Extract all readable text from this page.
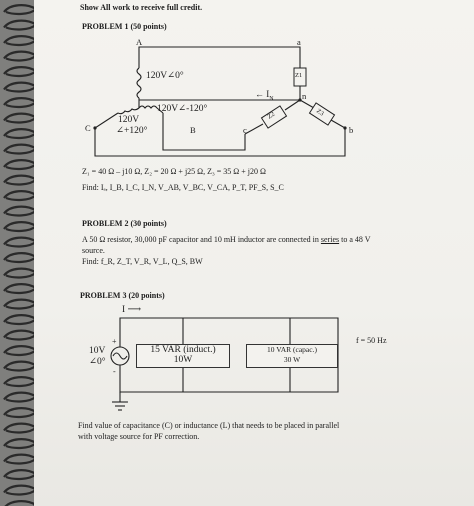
Show All work to receive full credit.
PROBLEM 1 (50 points)
A	a
n
b
c
B
C
120V∠0°
120V∠-120°
120V
∠+120°
← $I_N$
Z1
Z2	Z3
Z₁ = 40 Ω – j10 Ω, Z₂ = 20 Ω + j25 Ω, Z₃ = 35 Ω + j20 Ω
Find: Iₐ, I_B, I_C, I_N, V_AB, V_BC, V_CA, P_T, PF_S, S_C
PROBLEM 2 (30 points)
A 50 Ω resistor, 30,000 pF capacitor and 10 mH inductor are connected in series to a 48 V
source.
Find: f_R, Z_T, V_R, V_L, Q_S, BW
PROBLEM 3 (20 points)
I ⟶
+
-
10V
∠0°
15 VAR (induct.)
10W
10 VAR (capac.)
30 W
f = 50 Hz
Find value of capacitance (C) or inductance (L) that needs to be placed in parallel
with voltage source for PF correction.
